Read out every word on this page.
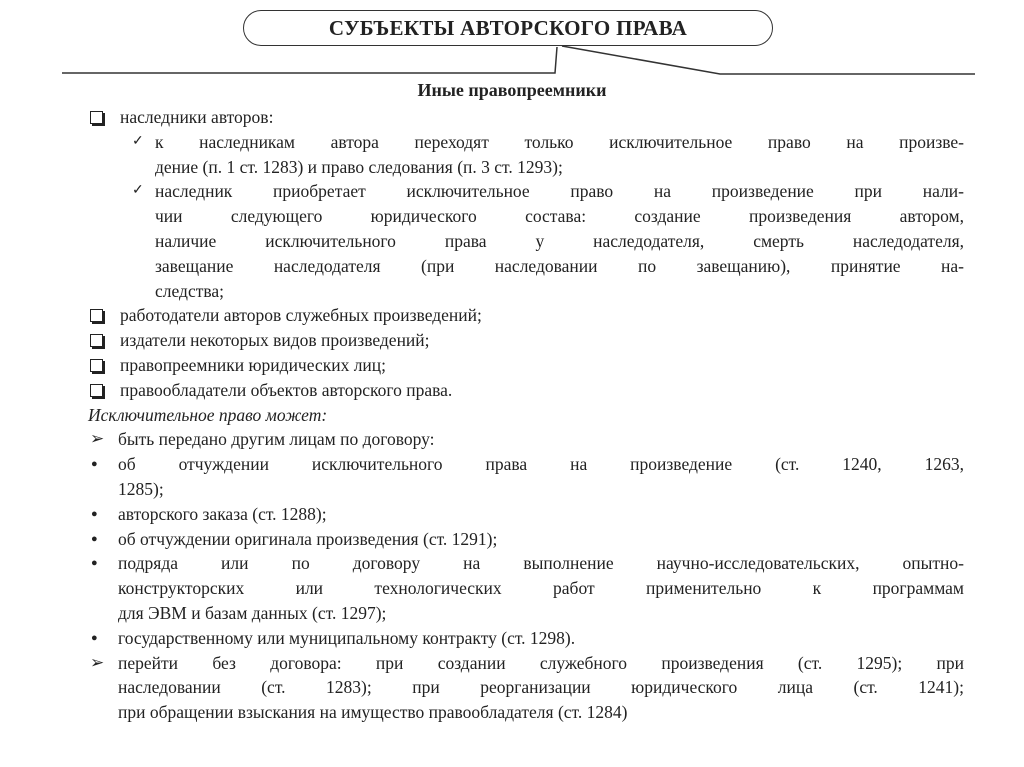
СУБЪЕКТЫ АВТОРСКОГО ПРАВА
Иные правопреемники
наследники авторов:
✓ к наследникам автора переходят только исключительное право на произве-
дение (п. 1 ст. 1283) и право следования (п. 3 ст. 1293);
✓ наследник приобретает исключительное право на произведение при нали-
чии следующего юридического состава: создание произведения автором,
наличие исключительного права у наследодателя, смерть наследодателя,
завещание наследодателя (при наследовании по завещанию), принятие на-
следства;
работодатели авторов служебных произведений;
издатели некоторых видов произведений;
правопреемники юридических лиц;
правообладатели объектов авторского права.
Исключительное право может:
➢ быть передано другим лицам по договору:
● об отчуждении исключительного права на произведение (ст. 1240, 1263,
1285);
● авторского заказа (ст. 1288);
● об отчуждении оригинала произведения (ст. 1291);
● подряда или по договору на выполнение научно-исследовательских, опытно-
конструкторских или технологических работ применительно к программам
для ЭВМ и базам данных (ст. 1297);
● государственному или муниципальному контракту (ст. 1298).
➢ перейти без договора: при создании служебного произведения (ст. 1295); при
наследовании (ст. 1283); при реорганизации юридического лица (ст. 1241);
при обращении взыскания на имущество правообладателя (ст. 1284)
